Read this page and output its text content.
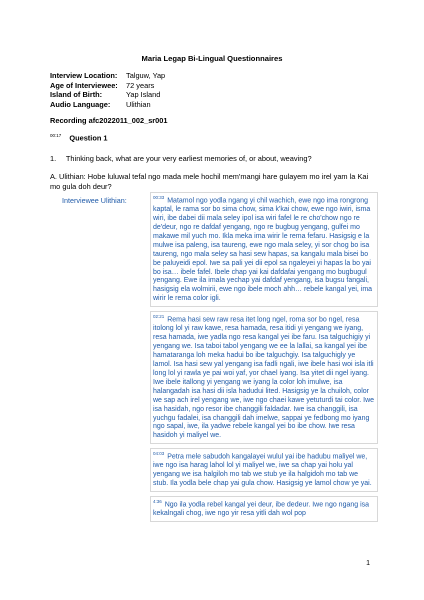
Maria Legap Bi-Lingual Questionnaires
Interview Location:	Talguw, Yap
Age of Interviewee:	72 years
Island of Birth:	Yap Island
Audio Language:	Ulithian
Recording afc2022011_002_sr001
$^{00:17}$ Question 1
1. Thinking back, what are your very earliest memories of, or about, weaving?
A. Ulithian: Hobe luluwal tefal ngo mada mele hochil mem'mangi hare gulayem mo irel yam la Kai mo gula doh deur?
Interviewee Ulithian:	$^{00:33}$ Matamol ngo yodla ngang yi chil wachich, ewe ngo ima rongrong kaptal, le rama sor bo sima chow, sima k'kai chow, ewe ngo iwiri, isma wiri, ibe dabei dii mala seley ipol isa wiri fafel le re cho'chow ngo re de'deur, ngo re dafdaf yengang, ngo re bugbug yengang, gulfei mo makawe mil yuch mo. Ikla meka ima wirir le rema fefaru. Hasigsig e la mulwe isa paleng, isa taureng, ewe ngo mala seley, yi sor chog bo isa taureng, ngo mala seley sa hasi sew hapas, sa kangalu mala bisei bo be paluyeidi epol. Iwe sa pali yei dii epol sa ngaleyei yi hapas la bo yai bo isa… ibele fafel. Ibele chap yai kai dafdafai yengang mo bugbugul yengang. Ewe ila imala yechap yai dafdaf yengang, isa bugsu fangali, hasigsig ela wolmirii, ewe ngo ibele moch ahh… rebele kangal yei, ima wirir le rema color igli.
$^{02:21}$ Rema hasi sew raw resa itet long ngel, roma sor bo ngel, resa itolong lol yi raw kawe, resa hamada, resa itidi yi yengang we iyang, resa hamada, iwe yadla ngo resa kangal yei ibe faru. Isa talguchigiy yi yengang we. Isa taboi tabol yengang we ee la lallai, sa kangal yei ibe hamataranga loh meka hadui bo ibe talguchgiy. Isa talguchigly ye lamol. Isa hasi sew yal yengang isa fadli ngali, iwe ibele hasi woi isla itli long lol yi rawla ye pai woi yaf, yor chael iyang. Isa yitet dii ngel iyang. Iwe ibele itallong yi yengang we iyang la color loh imulwe, isa halangadah isa hasi dii isla hadudui lited. Hasigsig ye la chuiloh, color we sap ach irel yengang we, iwe ngo chaei kawe yetuturdi tai color. Iwe isa hasidah, ngo resor ibe changgili faldadar. Iwe isa changgili, isa yuchgu fadalei, isa changgili dah imelwe, sappai ye fedbong mo iyang ngo sapal, iwe, ila yadwe rebele kangal yei bo ibe chow. Iwe resa hasidoh yi maliyel we.
$^{04:03}$ Petra mele sabudoh kangalayei wulul yai ibe hadubu maliyel we, iwe ngo isa harag lahol lol yi maliyel we, iwe sa chap yai holu yal yengang we isa halgiloh mo tab we stub ye ila halgidoh mo tab we stub. Ila yodla bele chap yai gula chow. Hasigsig ye lamol chow ye yai.
$^{4:36}$ Ngo ila yodla rebel kangal yei deur, ibe dedeur. Iwe ngo ngang isa kekalngali chog, iwe ngo yir resa yitli dah wol pop
1
